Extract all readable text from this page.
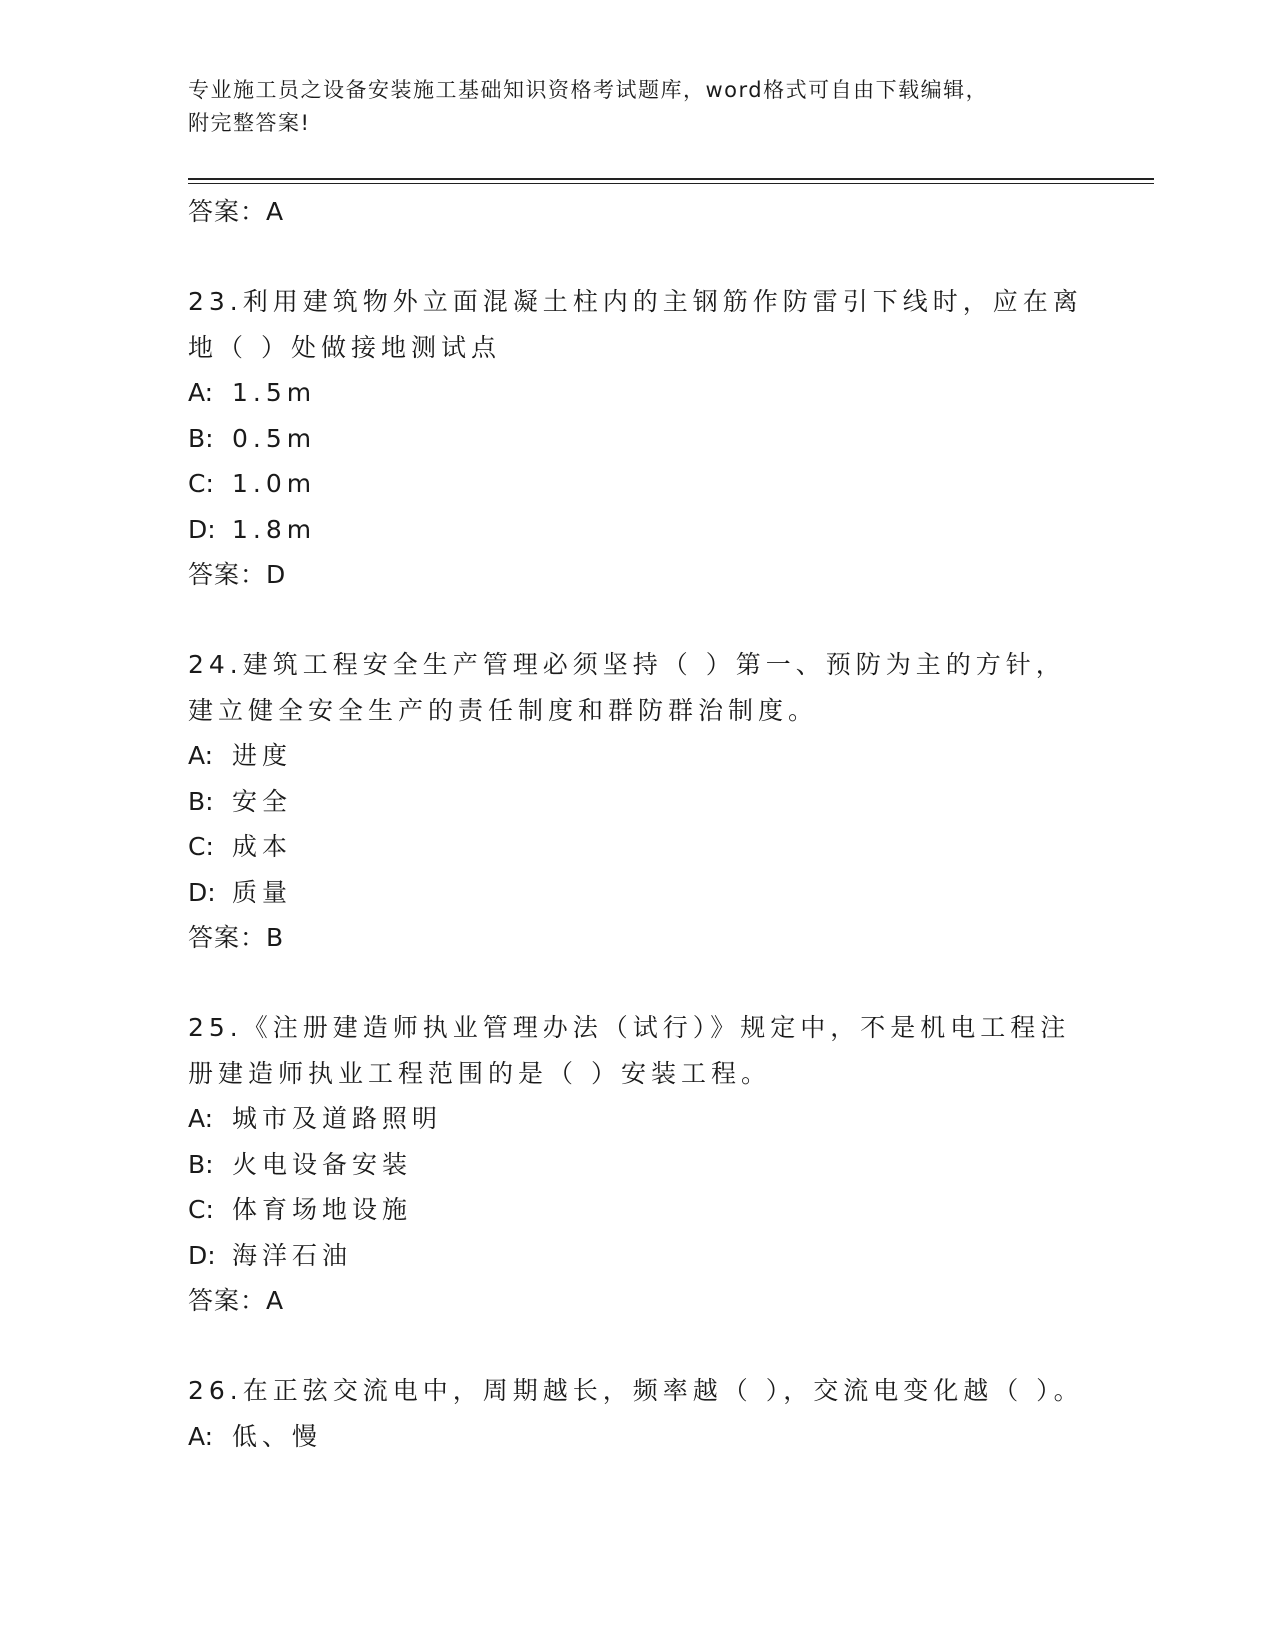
专业施工员之设备安装施工基础知识资格考试题库，word格式可自由下载编辑，
附完整答案!
答案：A
23.利用建筑物外立面混凝土柱内的主钢筋作防雷引下线时，应在离地（ ）处做接地测试点
A: 1.5m
B: 0.5m
C: 1.0m
D: 1.8m
答案：D
24.建筑工程安全生产管理必须坚持（ ）第一、预防为主的方针，建立健全安全生产的责任制度和群防群治制度。
A: 进度
B: 安全
C: 成本
D: 质量
答案：B
25.《注册建造师执业管理办法（试行）》规定中，不是机电工程注册建造师执业工程范围的是（ ）安装工程。
A: 城市及道路照明
B: 火电设备安装
C: 体育场地设施
D: 海洋石油
答案：A
26.在正弦交流电中，周期越长，频率越（ ），交流电变化越（ ）。
A: 低、慢
